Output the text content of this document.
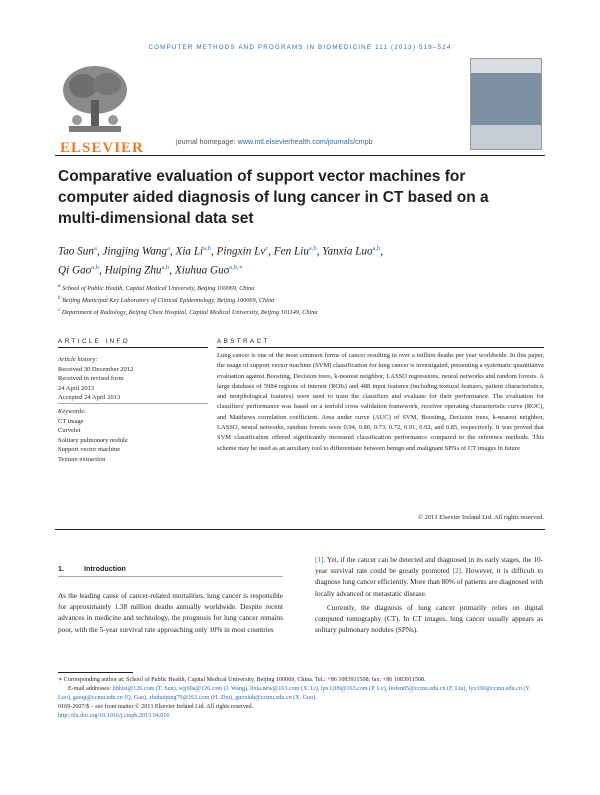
COMPUTER METHODS AND PROGRAMS IN BIOMEDICINE 111 (2013) 519–524
ELSEVIER	journal homepage: www.intl.elsevierhealth.com/journals/cmpb
Comparative evaluation of support vector machines for computer aided diagnosis of lung cancer in CT based on a multi-dimensional data set
Tao Sun$^a$, Jingjing Wang$^a$, Xia Li$^{a,b}$, Pingxin Lv$^c$, Fen Liu$^{a,b}$, Yanxia Luo$^{a,b}$,
Qi Gao$^{a,b}$, Huiping Zhu$^{a,b}$, Xiuhua Guo$^{a,b,∗}$
$^a$ School of Public Health, Capital Medical University, Beijing 100069, China
$^b$ Beijing Municipal Key Laboratory of Clinical Epidemiology, Beijing 100069, China
$^c$ Department of Radiology, Beijing Chest Hospital, Capital Medical University, Beijing 101149, China
ARTICLE INFO	ABSTRACT
Article history:
Received 30 December 2012
Received in revised form
24 April 2013
Accepted 24 April 2013
Keywords:
CT image
Curvelet
Solitary pulmonary nodule
Support vector machine
Texture extraction
Lung cancer is one of the most common forms of cancer resulting in over a million deaths per year worldwide. In this paper, the usage of support vector machine (SVM) classification for lung cancer is investigated, presenting a systematic quantitative evaluation against Boosting, Decision trees, k-nearest neighbor, LASSO regressions, neural networks and random forests. A large database of 5984 regions of interest (ROIs) and 488 input features (including textural features, patient characteristics, and morphological features) were used to train the classifiers and evaluate for their performance. The evaluation for classifiers' performance was based on a tenfold cross validation framework, receiver operating characteristic curve (ROC), and Matthews correlation coefficient. Area under curve (AUC) of SVM, Boosting, Decision trees, k-nearest neighbor, LASSO, neural networks, random forests were 0.94, 0.86, 0.73, 0.72, 0.91, 0.92, and 0.85, respectively. It was proved that SVM classification offered significantly increased classification performance compared to the reference methods. This scheme may be used as an auxiliary tool to differentiate between benign and malignant SPNs of CT images in future
© 2013 Elsevier Ireland Ltd. All rights reserved.
1.	Introduction
As the leading cause of cancer-related mortalities, lung cancer is responsible for approximately 1.38 million deaths annually worldwide. Despite recent advances in medicine and technology, the prognosis for lung cancer remains poor, with the 5-year survival rate approaching only 10% in most countries

[1]. Yet, if the cancer can be detected and diagnosed in its early stages, the 10-year survival rate could be greatly promoted [2]. However, it is difficult to diagnose lung cancer efficiently. More than 80% of patients are diagnosed with locally advanced or metastatic disease.

Currently, the diagnosis of lung cancer primarily relies on digital computed tomography (CT). In CT images, lung cancer usually appears as solitary pulmonary nodules (SPNs).

∗ Corresponding author at: School of Public Health, Capital Medical University, Beijing 100069, China. Tel.: +86 1083911508; fax: +86 1083911508.

E-mail addresses: hhhtst@126.com (T. Sun), wjj00a@126.com (J. Wang), lixia.new@163.com (X. Li), lpx1209@163.com (P. Lv), liufen05@ccmu.edu.cn (F. Liu), lyx100@ccmu.edu.cn (Y. Luo), gaoqi@ccmu.edu.cn (Q. Gao), zhuhuiping79@163.com (H. Zhu), guoxiuh@ccmu.edu.cn (X. Guo).

0169-2607/$ – see front matter © 2013 Elsevier Ireland Ltd. All rights reserved.

http://dx.doi.org/10.1016/j.cmpb.2013.04.016
